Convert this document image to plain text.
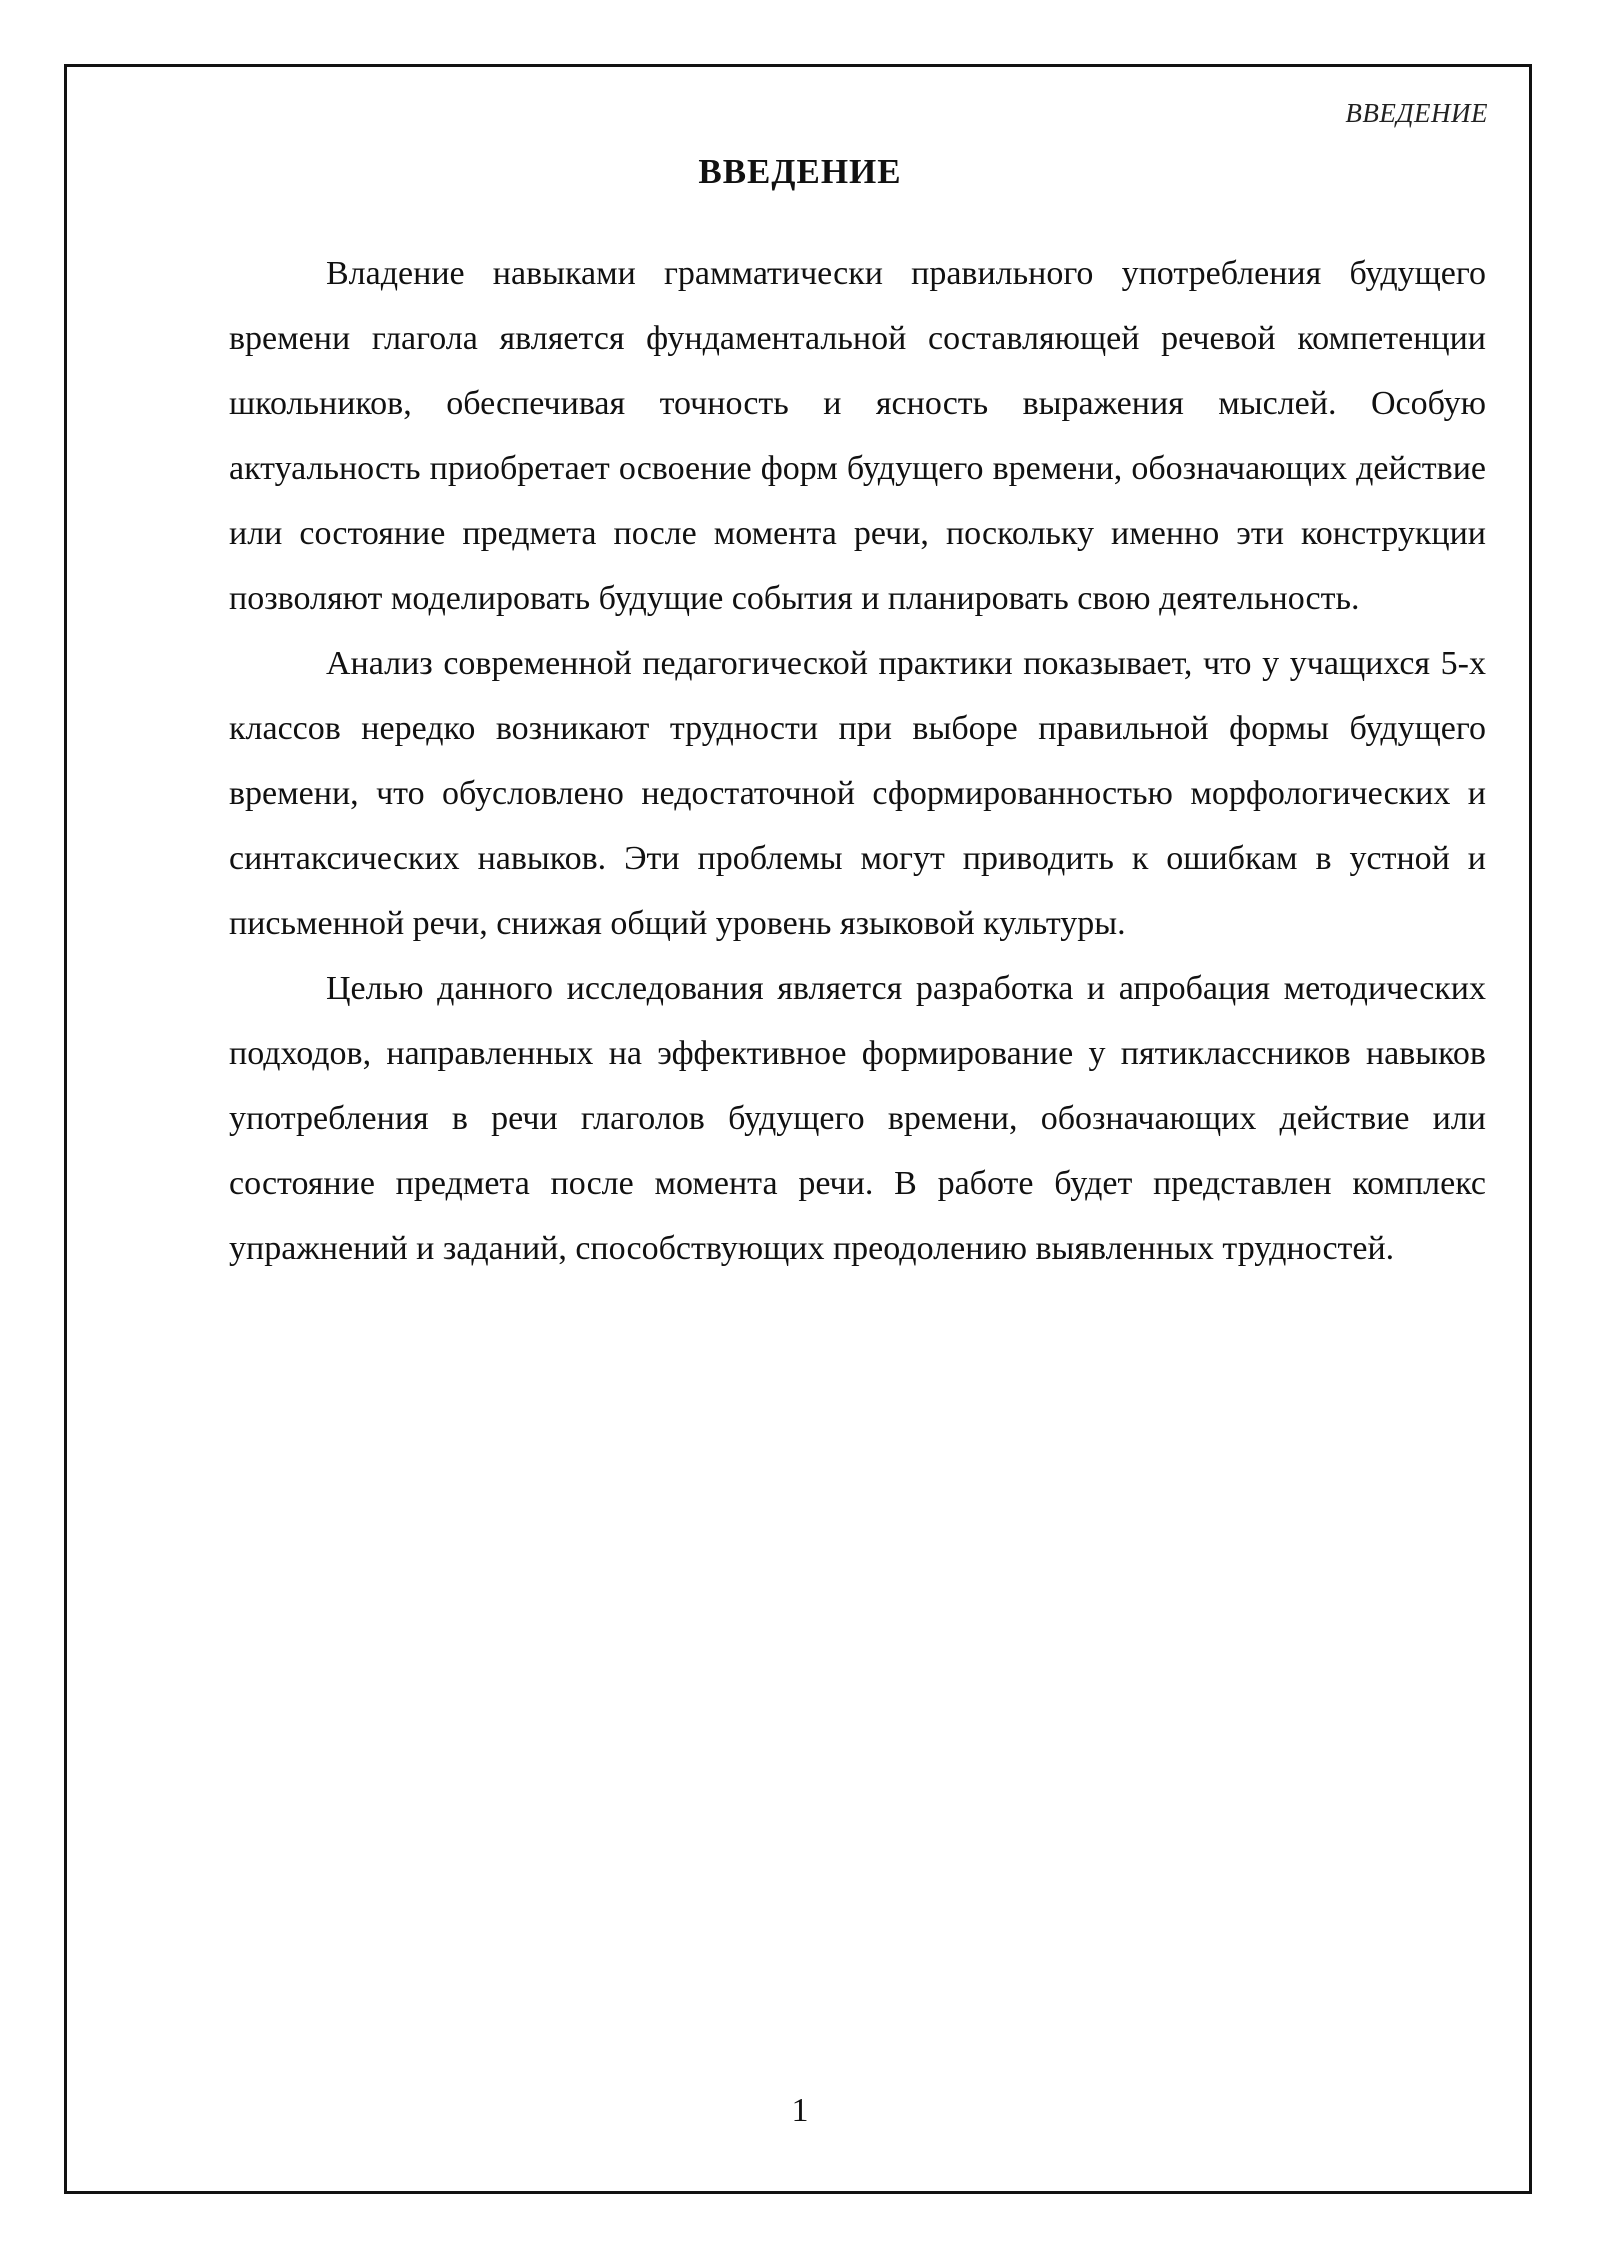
ВВЕДЕНИЕ
ВВЕДЕНИЕ

Владение навыками грамматически правильного употребления будущего времени глагола является фундаментальной составляющей речевой компетенции школьников, обеспечивая точность и ясность выражения мыслей. Особую актуальность приобретает освоение форм будущего времени, обозначающих действие или состояние предмета после момента речи, поскольку именно эти конструкции позволяют моделировать будущие события и планировать свою деятельность.

Анализ современной педагогической практики показывает, что у учащихся 5-х классов нередко возникают трудности при выборе правильной формы будущего времени, что обусловлено недостаточной сформированностью морфологических и синтаксических навыков. Эти проблемы могут приводить к ошибкам в устной и письменной речи, снижая общий уровень языковой культуры.

Целью данного исследования является разработка и апробация методических подходов, направленных на эффективное формирование у пятиклассников навыков употребления в речи глаголов будущего времени, обозначающих действие или состояние предмета после момента речи. В работе будет представлен комплекс упражнений и заданий, способствующих преодолению выявленных трудностей.

1
